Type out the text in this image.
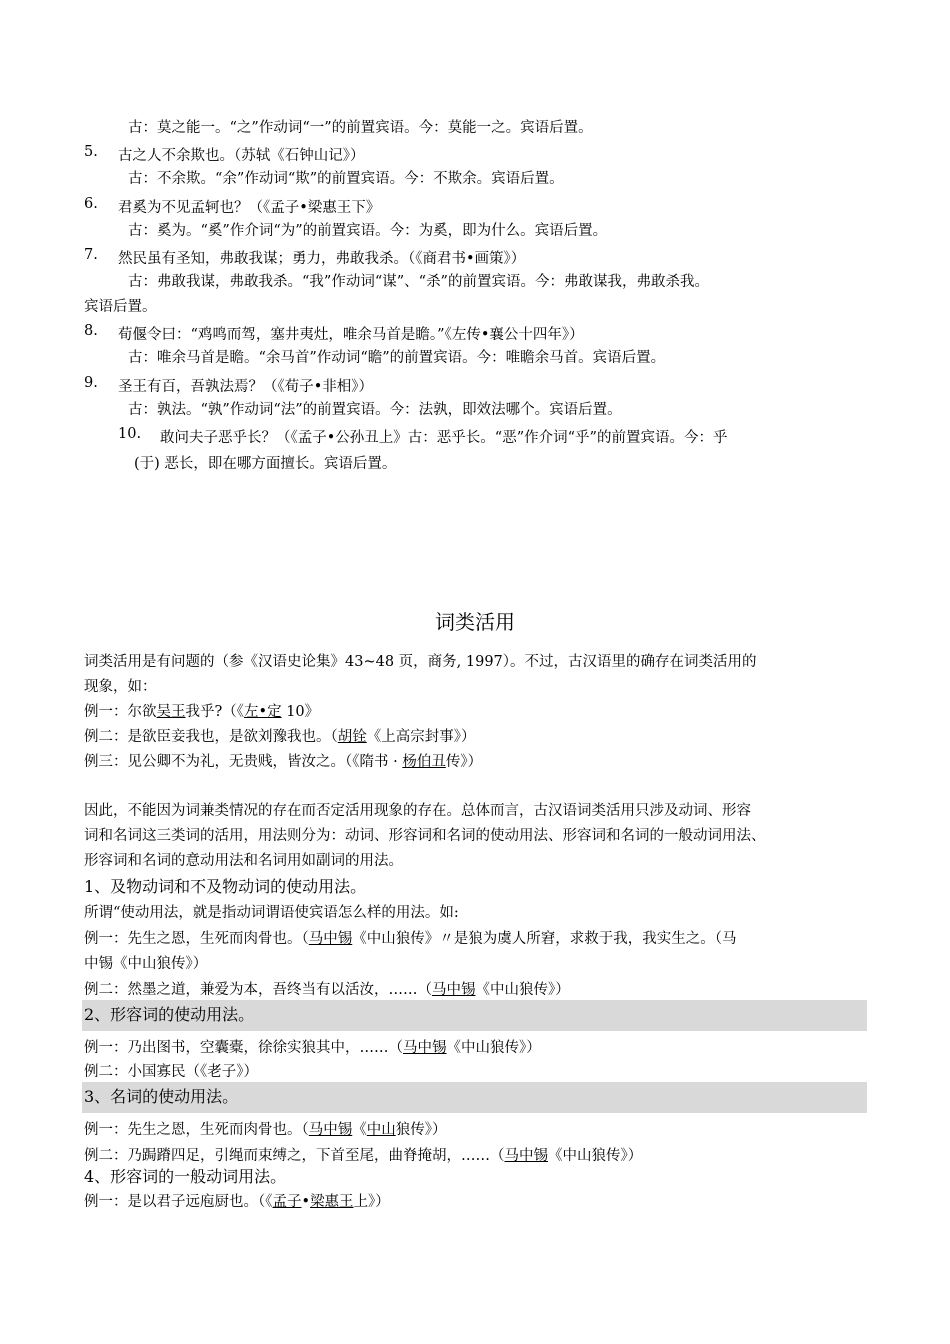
古：莫之能一。“之”作动词“一”的前置宾语。今：莫能一之。宾语后置。
5. 古之人不余欺也。（苏轼《石钟山记》）
古：不余欺。“余”作动词“欺”的前置宾语。今：不欺余。宾语后置。
6. 君奚为不见孟轲也？（《孟子•梁惠王下》
古：奚为。“奚”作介词“为”的前置宾语。今：为奚，即为什么。宾语后置。
7. 然民虽有圣知，弗敢我谋；勇力，弗敢我杀。（《商君书•画策》）
古：弗敢我谋，弗敢我杀。“我”作动词“谋”、“杀”的前置宾语。今：弗敢谋我，弗敢杀我。
宾语后置。
8. 荀偃令曰：“鸡鸣而驾，塞井夷灶，唯余马首是瞻。”《左传•襄公十四年》）
古：唯余马首是瞻。“余马首”作动词“瞻”的前置宾语。今：唯瞻余马首。宾语后置。
9. 圣王有百，吾孰法焉？（《荀子•非相》）
古：孰法。“孰”作动词“法”的前置宾语。今：法孰，即效法哪个。宾语后置。
10. 敢问夫子恶乎长？（《孟子•公孙丑上》古：恶乎长。“恶”作介词“乎”的前置宾语。今：乎
(于) 恶长，即在哪方面擅长。宾语后置。
词类活用
词类活用是有问题的（参《汉语史论集》43~48 页，商务, 1997）。不过，古汉语里的确存在词类活用的
现象，如：
例一：尔欲吴王我乎?（《左•定 10》
例二：是欲臣妾我也，是欲刘豫我也。（胡铨《上高宗封事》）
例三：见公卿不为礼，无贵贱，皆汝之。（《隋书 · 杨伯丑传》）
因此，不能因为词兼类情况的存在而否定活用现象的存在。总体而言，古汉语词类活用只涉及动词、形容
词和名词这三类词的活用，用法则分为：动词、形容词和名词的使动用法、形容词和名词的一般动词用法、
形容词和名词的意动用法和名词用如副词的用法。
1、及物动词和不及物动词的使动用法。
所谓“使动用法，就是指动词谓语使宾语怎么样的用法。如:
例一：先生之恩，生死而肉骨也。（马中锡《中山狼传》〃是狼为虞人所窘，求救于我，我实生之。（马
中锡《中山狼传》）
例二：然墨之道，兼爱为本，吾终当有以活汝，……（马中锡《中山狼传》）
2、形容词的使动用法。
例一：乃出图书，空囊橐，徐徐实狼其中，……（马中锡《中山狼传》）
例二：小国寡民（《老子》）
3、名词的使动用法。
例一：先生之恩，生死而肉骨也。（马中锡《中山狼传》）
例二：乃跼蹐四足，引绳而束缚之，下首至尾，曲脊掩胡，……（马中锡《中山狼传》）
4、形容词的一般动词用法。
例一：是以君子远庖厨也。（《孟子•梁惠王上》）
